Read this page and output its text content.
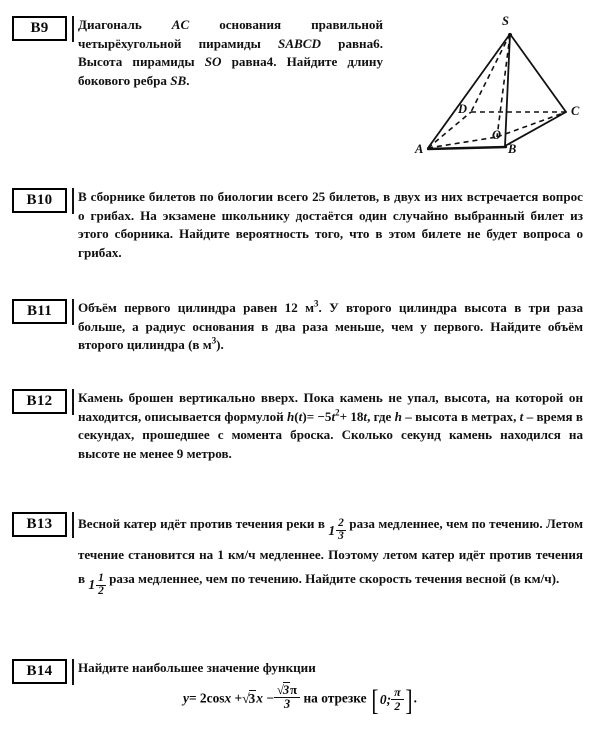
B9	Диагональ AC основания правильной четырёхугольной пирамиды SABCD равна6. Высота пирамиды SO равна4. Найдите длину бокового ребра SB.

S
A	B
C
D
O
B10	В сборнике билетов по биологии всего 25 билетов, в двух из них встречается вопрос о грибах. На экзамене школьнику достаётся один случайно выбранный билет из этого сборника. Найдите вероятность того, что в этом билете не будет вопроса о грибах.
B11	Объём первого цилиндра равен 12 $м^3$. У второго цилиндра высота в три раза больше, а радиус основания в два раза меньше, чем у первого. Найдите объём второго цилиндра (в $м^3$).
B12	Камень брошен вертикально вверх. Пока камень не упал, высота, на которой он находится, описывается формулой $h(t)= -5t^2+ 18t$, где h – высота в метрах, t – время в секундах, прошедшее с момента броска. Сколько секунд камень находился на высоте не менее 9 метров.
B13	Весной катер идёт против течения реки в $1 \frac{2}{3}$ раза медленнее, чем по течению. Летом течение становится на 1 км/ч медленнее. Поэтому летом катер идёт против течения в $1 \frac{1}{2}$ раза медленнее, чем по течению. Найдите скорость течения весной (в км/ч).
B14	Найдите наибольшее значение функции
$y= 2\cos x +√3x - \frac{√3\pi}{3}$ на отрезке [0; $\frac{\pi}{2}$ ].
